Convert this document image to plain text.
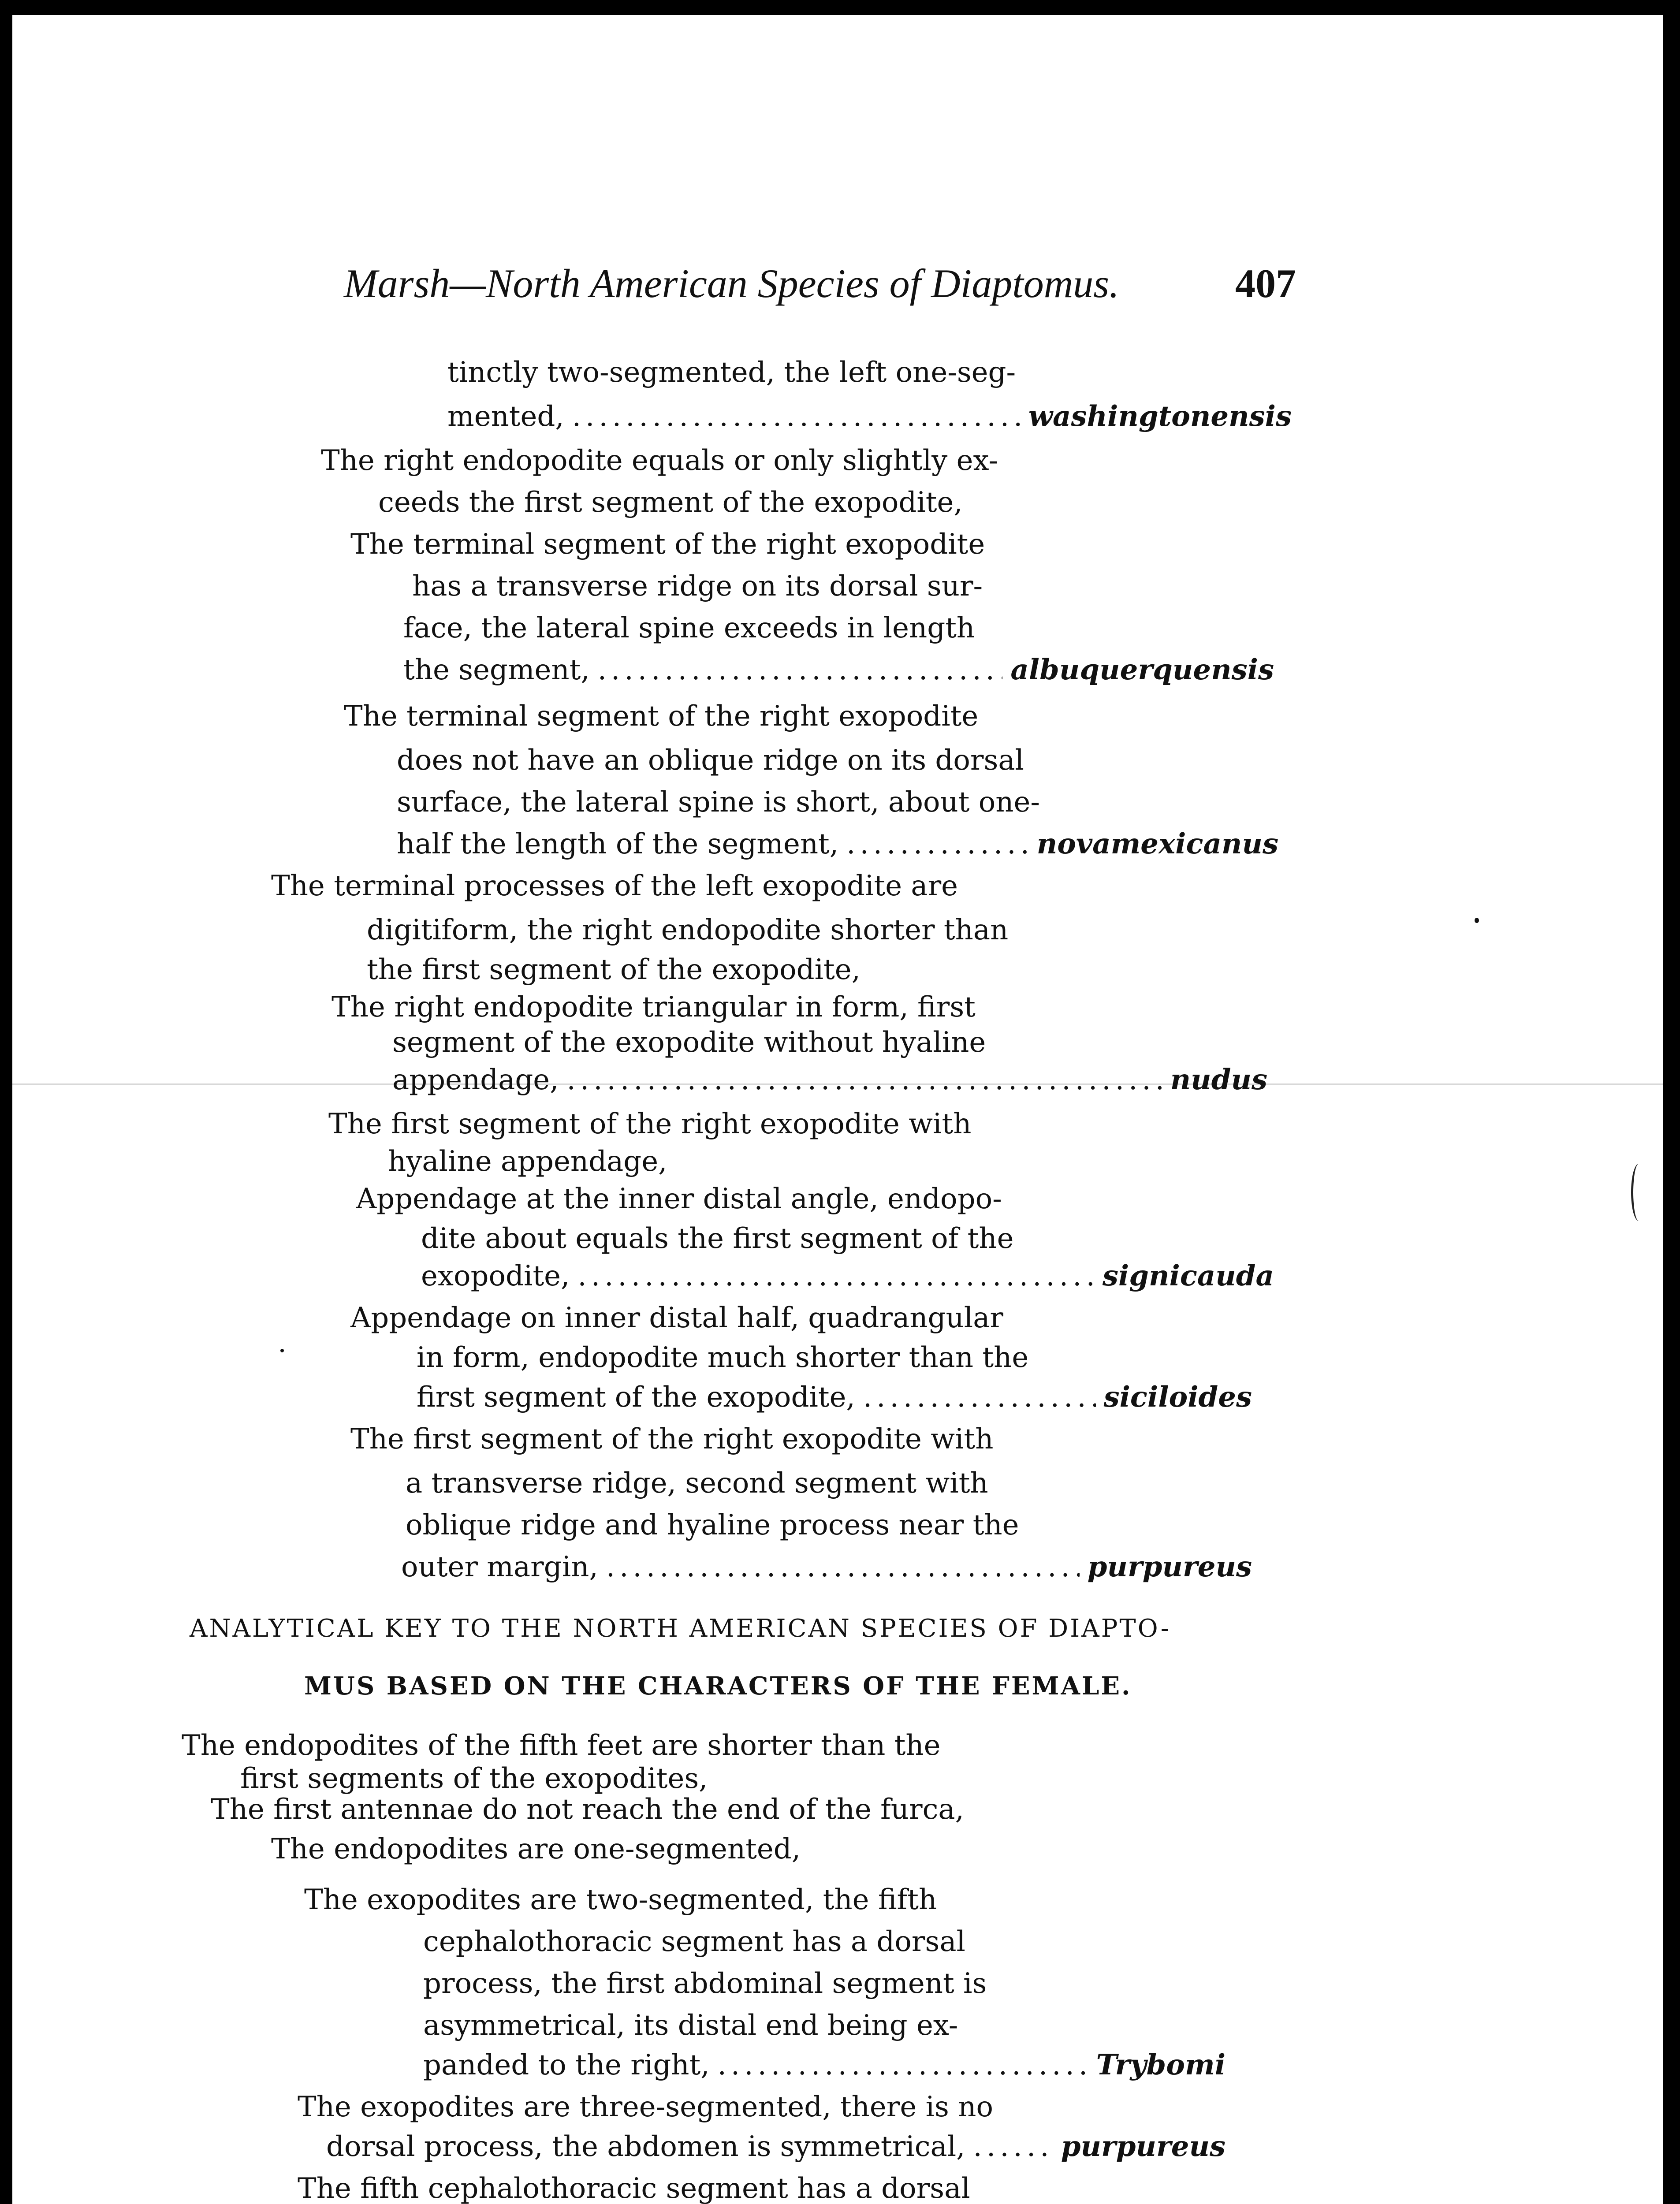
Marsh—North American Species of Diaptomus.	407
tinctly two-segmented, the left one-seg-
mented, .....	washingtonensis
The right endopodite equals or only slightly ex-
ceeds the first segment of the exopodite,
The terminal segment of the right exopodite
has a transverse ridge on its dorsal sur-
face, the lateral spine exceeds in length
the segment, .....	albuquerquensis
The terminal segment of the right exopodite
does not have an oblique ridge on its dorsal
surface, the lateral spine is short, about one-
half the length of the segment, .....	novamexicanus
The terminal processes of the left exopodite are
digitiform, the right endopodite shorter than
the first segment of the exopodite,
The right endopodite triangular in form, first
segment of the exopodite without hyaline
appendage, .....	nudus
The first segment of the right exopodite with
hyaline appendage,
Appendage at the inner distal angle, endopo-
dite about equals the first segment of the
exopodite, .....	signicauda
Appendage on inner distal half, quadrangular
in form, endopodite much shorter than the
first segment of the exopodite, .....	siciloides
The first segment of the right exopodite with
a transverse ridge, second segment with
oblique ridge and hyaline process near the
outer margin, .....	purpureus
ANALYTICAL KEY TO THE NORTH AMERICAN SPECIES OF DIAPTO-
MUS BASED ON THE CHARACTERS OF THE FEMALE.
The endopodites of the fifth feet are shorter than the
first segments of the exopodites,
The first antennae do not reach the end of the furca,
The endopodites are one-segmented,
The exopodites are two-segmented, the fifth
cephalothoracic segment has a dorsal
process, the first abdominal segment is
asymmetrical, its distal end being ex-
panded to the right, .....	Trybomi
The exopodites are three-segmented, there is no
dorsal process, the abdomen is symmetrical, .....	purpureus
The fifth cephalothoracic segment has a dorsal
